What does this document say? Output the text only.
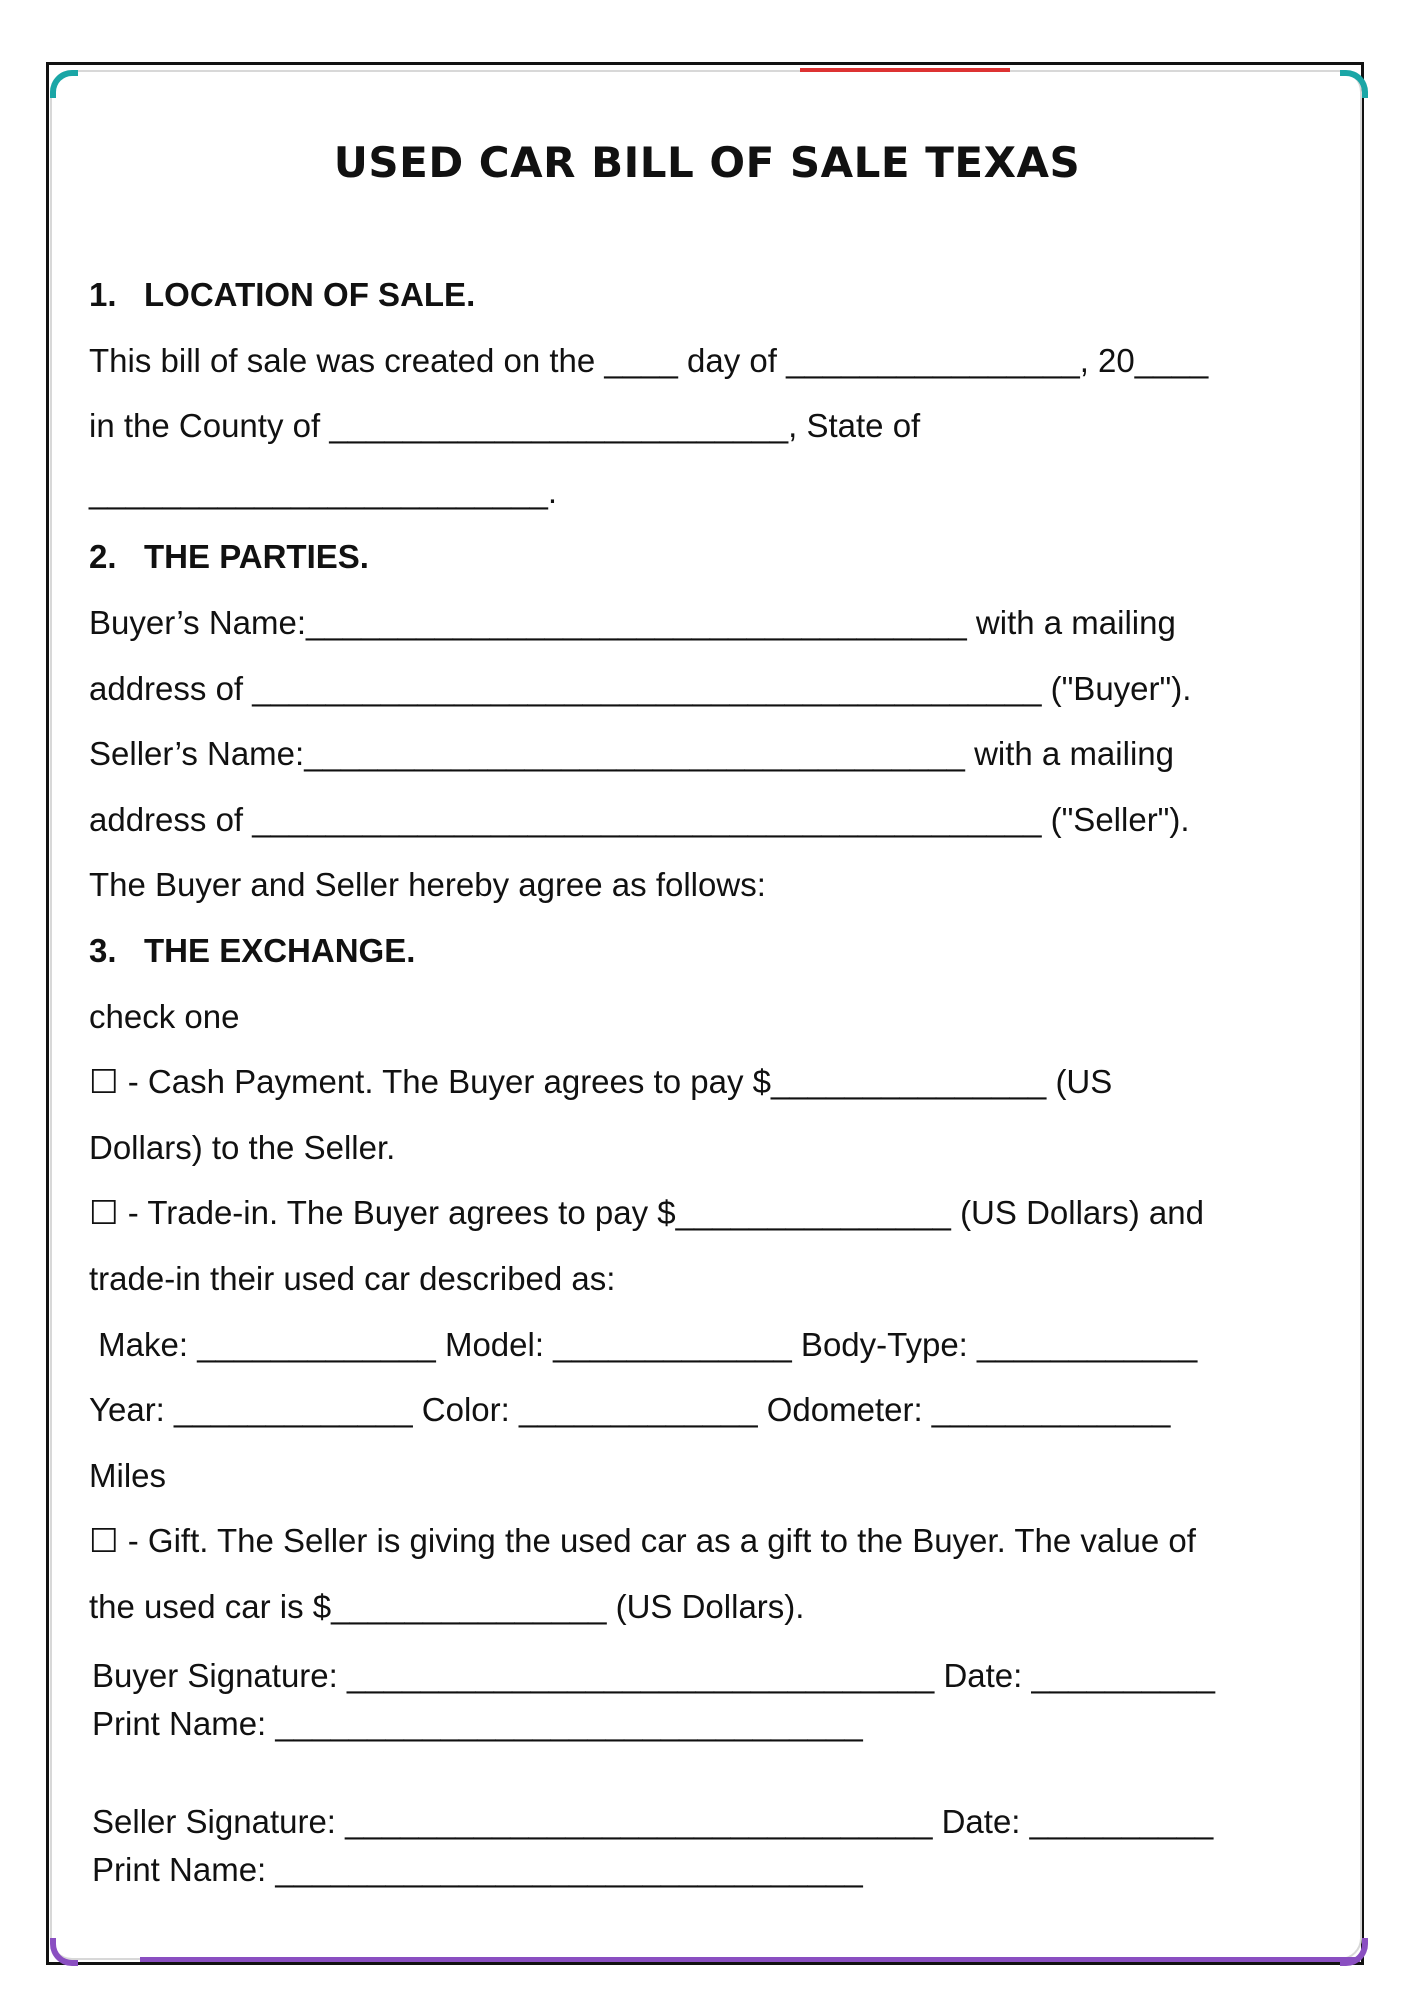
USED CAR BILL OF SALE TEXAS
1.   LOCATION OF SALE.
This bill of sale was created on the ____ day of ________________, 20____
in the County of _________________________, State of
_________________________.
2.   THE PARTIES.
Buyer’s Name:____________________________________ with a mailing
address of ___________________________________________ ("Buyer").
Seller’s Name:____________________________________ with a mailing
address of ___________________________________________ ("Seller").
The Buyer and Seller hereby agree as follows:
3.   THE EXCHANGE.
check one
☐ - Cash Payment. The Buyer agrees to pay $_______________ (US
Dollars) to the Seller.
☐ - Trade-in. The Buyer agrees to pay $_______________ (US Dollars) and
trade-in their used car described as:
Make: _____________ Model: _____________ Body-Type: ____________
Year: _____________ Color: _____________ Odometer: _____________
Miles
☐ - Gift. The Seller is giving the used car as a gift to the Buyer. The value of
the used car is $_______________ (US Dollars).
Buyer Signature: ________________________________ Date: __________
Print Name: ________________________________
Seller Signature: ________________________________ Date: __________
Print Name: ________________________________
